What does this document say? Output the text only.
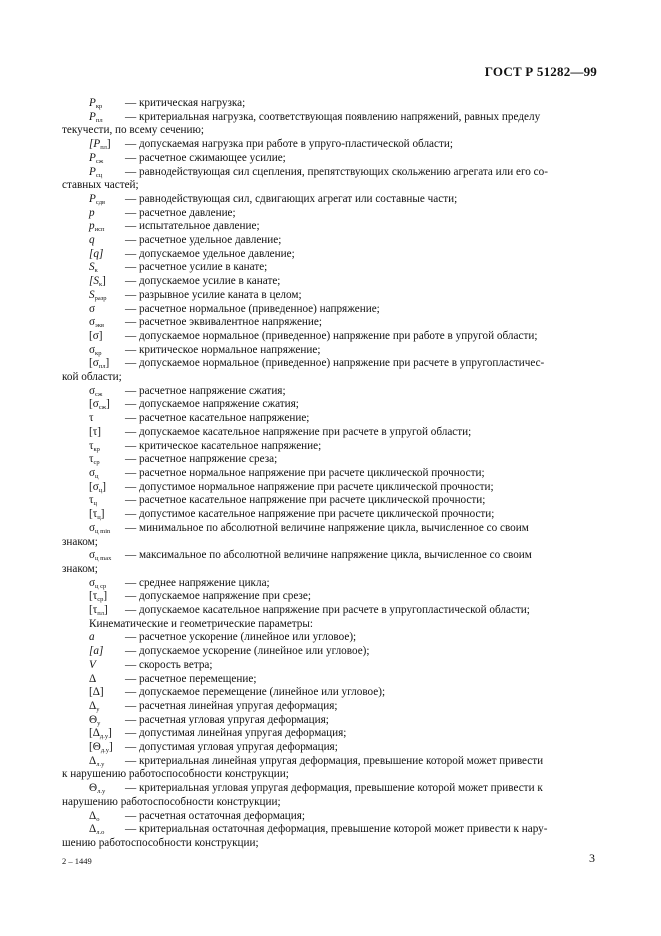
ГОСТ Р 51282—99

$P_{кр}$ — критическая нагрузка;

$P_{пл}$ — критериальная нагрузка, соответствующая появлению напряжений, равных пределу

текучести, по всему сечению;

$[P_{пл}]$ — допускаемая нагрузка при работе в упруго-пластической области;

$P_{сж}$ — расчетное сжимающее усилие;

$P_{сц}$ — равнодействующая сил сцепления, препятствующих скольжению агрегата или его со-

ставных частей;

$P_{сдв}$ — равнодействующая сил, сдвигающих агрегат или составные части;

p	— расчетное давление;

$p_{исп}$ — испытательное давление;

q	— расчетное удельное давление;

[q] — допускаемое удельное давление;

$S_к$ — раcчетное усилие в канате;

$[S_к]$ — допускаемое усилие в канате;

$S_{разр}$ — разрывное усилие каната в целом;

σ	— расчетное нормальное (приведенное) напряжение;

$\sigma_{экв}$ — расчетное эквивалентное напряжение;

[σ] — допускаемое нормальное (приведенное) напряжение при работе в упругой области;

$\sigma_{кр}$ — критическое нормальное напряжение;

$[\sigma_{пл}]$ — допускаемое нормальное (приведенное) напряжение при расчете в упругопластичес-

кой области;

$\sigma_{сж}$ — расчетное напряжение сжатия;

$[\sigma_{сж}]$ — допускаемое напряжение сжатия;

τ	— расчетное касательное напряжение;

[τ] — допускаемое касательное напряжение при расчете в упругой области;

$\tau_{кр}$ — критическое касательное напряжение;

$\tau_{ср}$ — расчетное напряжение среза;

$\sigma_ц$ — расчетное нормальное напряжение при расчете циклической прочности;

$[\sigma_ц]$ — допустимое нормальное напряжение при расчете циклической прочности;

$\tau_ц$	— расчетное касательное напряжение при расчете циклической прочности;

$[\tau_ц]$ — допустимое касательное напряжение при расчете циклической прочности;

$\sigma_{ц min}$ — минимальное по абсолютной величине напряжение цикла, вычисленное со своим

знаком;

$\sigma_{ц max}$ — максимальное по абсолютной величине напряжение цикла, вычисленное со своим

знаком;

$\sigma_{ц ср}$ — среднее напряжение цикла;

$[\tau_{ср}]$ — допускаемое напряжение при срезе;

$[\tau_{пл}]$ — допускаемое касательное напряжение при расчете в упругопластической области;

Кинематические и геометрические параметры:

a	— расчетное ускорение (линейное или угловое);

[a] — допускаемое ускорение (линейное или угловое);

V	— скорость ветра;

Δ	— расчетное перемещение;

[Δ] — допускаемое перемещение (линейное или угловое);

$\Delta_у$ — расчетная линейная упругая деформация;

$\Theta_у$ — расчетная угловая упругая деформация;

$[\Delta_{д.у}]$ — допустимая линейная упругая деформация;

$[\Theta_{д.у}]$ — допустимая угловая упругая деформация;

$\Delta_{л.у}$ — критериальная линейная упругая деформация, превышение которой может привести

к нарушению работоспособности конструкции;

$\Theta_{л.у}$ — критериальная угловая упругая деформация, превышение которой может привести к

нарушению работоспособности конструкции;

$\Delta_о$ — расчетная остаточная деформация;

$\Delta_{л.о}$ — критериальная остаточная деформация, превышение которой может привести к нару-

шению работоспособности конструкции;

2 – 1449	3
